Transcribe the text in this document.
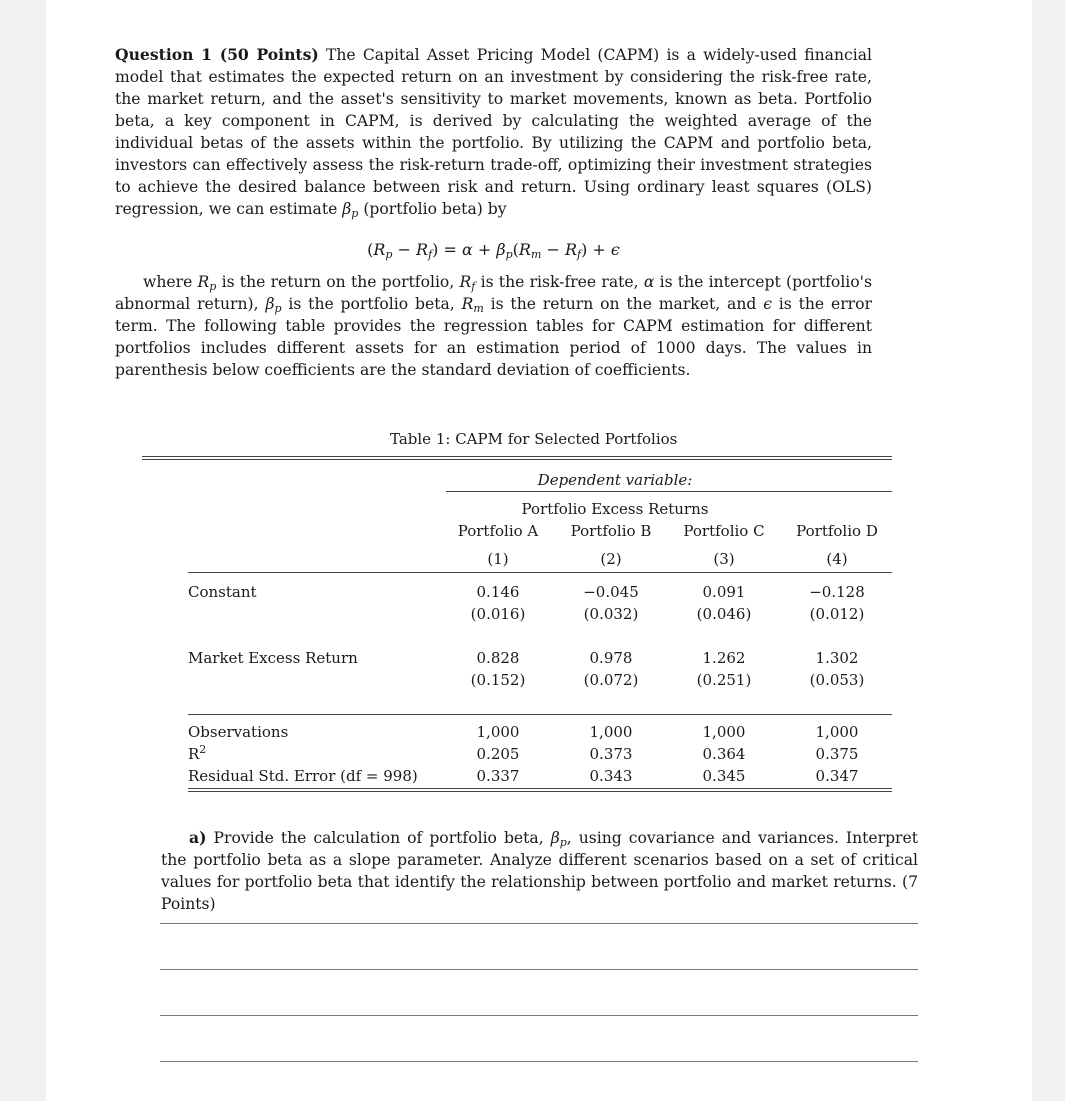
Question 1 (50 Points) The Capital Asset Pricing Model (CAPM) is a widely-used financial model that estimates the expected return on an investment by considering the risk-free rate, the market return, and the asset's sensitivity to market movements, known as beta. Portfolio beta, a key component in CAPM, is derived by calculating the weighted average of the individual betas of the assets within the portfolio. By utilizing the CAPM and portfolio beta, investors can effectively assess the risk-return trade-off, optimizing their investment strategies to achieve the desired balance between risk and return. Using ordinary least squares (OLS) regression, we can estimate $\beta_p$ (portfolio beta) by

$(R_p - R_f) = \alpha + \beta_p(R_m - R_f) + \epsilon$

where $R_p$ is the return on the portfolio, $R_f$ is the risk-free rate, α is the intercept (portfolio's abnormal return), $\beta_p$ is the portfolio beta, $R_m$ is the return on the market, and ϵ is the error term. The following table provides the regression tables for CAPM estimation for different portfolios includes different assets for an estimation period of 1000 days. The values in parenthesis below coefficients are the standard deviation of coefficients.

Table 1: CAPM for Selected Portfolios
Dependent variable:
Portfolio Excess Returns
Portfolio A	Portfolio B	Portfolio C	Portfolio D
(1)	(2)	(3)	(4)
Constant	0.146	−0.045	0.091	−0.128
(0.016)	(0.032)	(0.046)	(0.012)
Market Excess Return	0.828	0.978	1.262	1.302
(0.152)	(0.072)	(0.251)	(0.053)
Observations	1,000	1,000	1,000	1,000
$R^2$	0.205	0.373	0.364	0.375
Residual Std. Error (df = 998)	0.337	0.343	0.345	0.347

a) Provide the calculation of portfolio beta, $\beta_p$, using covariance and variances. Interpret the portfolio beta as a slope parameter. Analyze different scenarios based on a set of critical values for portfolio beta that identify the relationship between portfolio and market returns. (7 Points)
